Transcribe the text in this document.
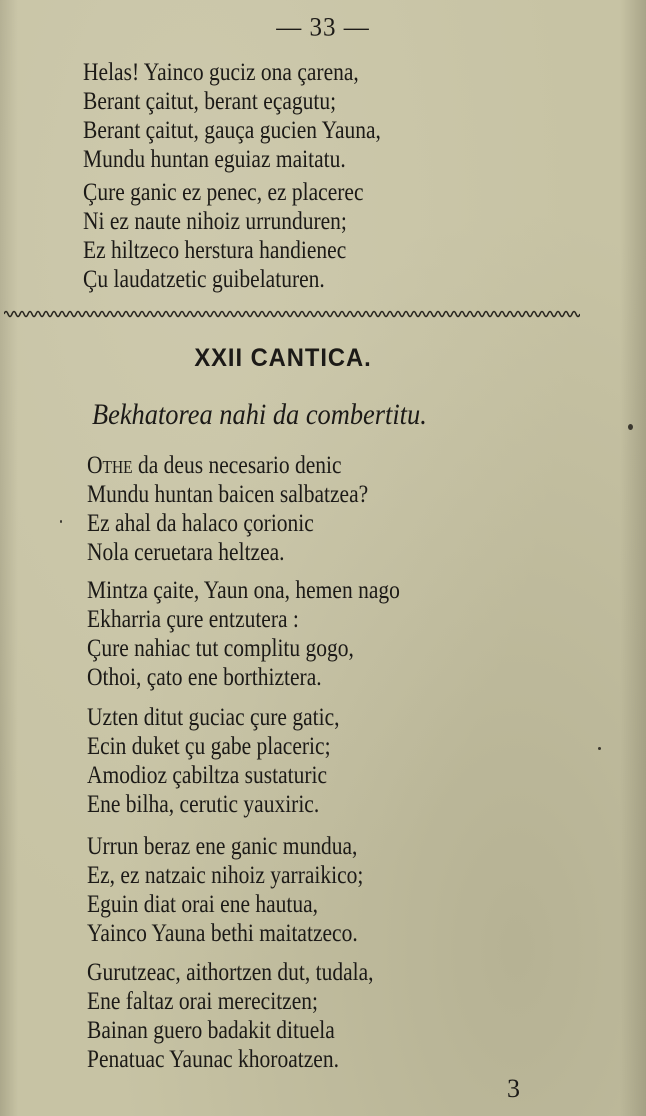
— 33 —
Helas! Yainco guciz ona çarena,
Berant çaitut, berant eçagutu;
Berant çaitut, gauça gucien Yauna,
Mundu huntan eguiaz maitatu.
Çure ganic ez penec, ez placerec
Ni ez naute nihoiz urrunduren;
Ez hiltzeco herstura handienec
Çu laudatzetic guibelaturen.
XXII CANTICA.
Bekhatorea nahi da combertitu.
Othe da deus necesario denic
Mundu huntan baicen salbatzea?
Ez ahal da halaco çorionic
Nola ceruetara heltzea.
Mintza çaite, Yaun ona, hemen nago
Ekharria çure entzutera :
Çure nahiac tut complitu gogo,
Othoi, çato ene borthiztera.
Uzten ditut guciac çure gatic,
Ecin duket çu gabe placeric;
Amodioz çabiltza sustaturic
Ene bilha, cerutic yauxiric.
Urrun beraz ene ganic mundua,
Ez, ez natzaic nihoiz yarraikico;
Eguin diat orai ene hautua,
Yainco Yauna bethi maitatzeco.
Gurutzeac, aithortzen dut, tudala,
Ene faltaz orai merecitzen;
Bainan guero badakit dituela
Penatuac Yaunac khoroatzen.
3
